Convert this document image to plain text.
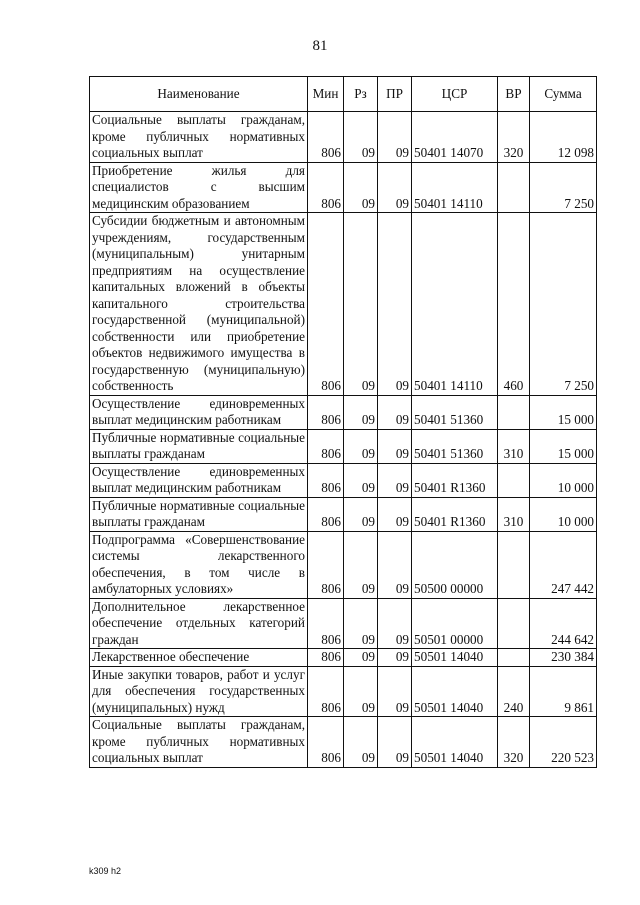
81
Наименование	Мин	Рз	ПР	ЦСР	ВР	Сумма
Социальные выплаты гражданам, кроме публичных нормативных социальных выплат	806	09	09	50401 14070	320	12 098
Приобретение жилья для специалистов с высшим медицинским образованием	806	09	09	50401 14110		7 250
Субсидии бюджетным и автономным учреждениям, государственным (муниципальным) унитарным предприятиям на осуществление капитальных вложений в объекты капитального строительства государственной (муниципальной) собственности или приобретение объектов недвижимого имущества в государственную (муниципальную) собственность	806	09	09	50401 14110	460	7 250
Осуществление единовременных выплат медицинским работникам	806	09	09	50401 51360		15 000
Публичные нормативные социальные выплаты гражданам	806	09	09	50401 51360	310	15 000
Осуществление единовременных выплат медицинским работникам	806	09	09	50401 R1360		10 000
Публичные нормативные социальные выплаты гражданам	806	09	09	50401 R1360	310	10 000
Подпрограмма «Совершенствование системы лекарственного обеспечения, в том числе в амбулаторных условиях»	806	09	09	50500 00000		247 442
Дополнительное лекарственное обеспечение отдельных категорий граждан	806	09	09	50501 00000		244 642
Лекарственное обеспечение	806	09	09	50501 14040		230 384
Иные закупки товаров, работ и услуг для обеспечения государственных (муниципальных) нужд	806	09	09	50501 14040	240	9 861
Социальные выплаты гражданам, кроме публичных нормативных социальных выплат	806	09	09	50501 14040	320	220 523
k309 h2
